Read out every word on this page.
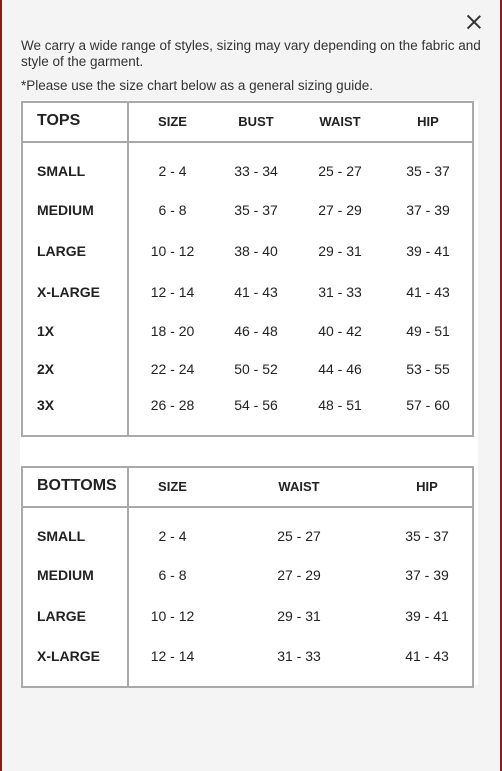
We carry a wide range of styles, sizing may vary depending on the fabric and style of the garment.
*Please use the size chart below as a general sizing guide.
TOPS	SIZE	BUST	WAIST	HIP
SMALL	2 - 4	33 - 34	25 - 27	35 - 37
MEDIUM	6 - 8	35 - 37	27 - 29	37 - 39
LARGE	10 - 12	38 - 40	29 - 31	39 - 41
X-LARGE	12 - 14	41 - 43	31 - 33	41 - 43
1X	18 - 20	46 - 48	40 - 42	49 - 51
2X	22 - 24	50 - 52	44 - 46	53 - 55
3X	26 - 28	54 - 56	48 - 51	57 - 60
BOTTOMS	SIZE	WAIST	HIP
SMALL	2 - 4	25 - 27	35 - 37
MEDIUM	6 - 8	27 - 29	37 - 39
LARGE	10 - 12	29 - 31	39 - 41
X-LARGE	12 - 14	31 - 33	41 - 43
